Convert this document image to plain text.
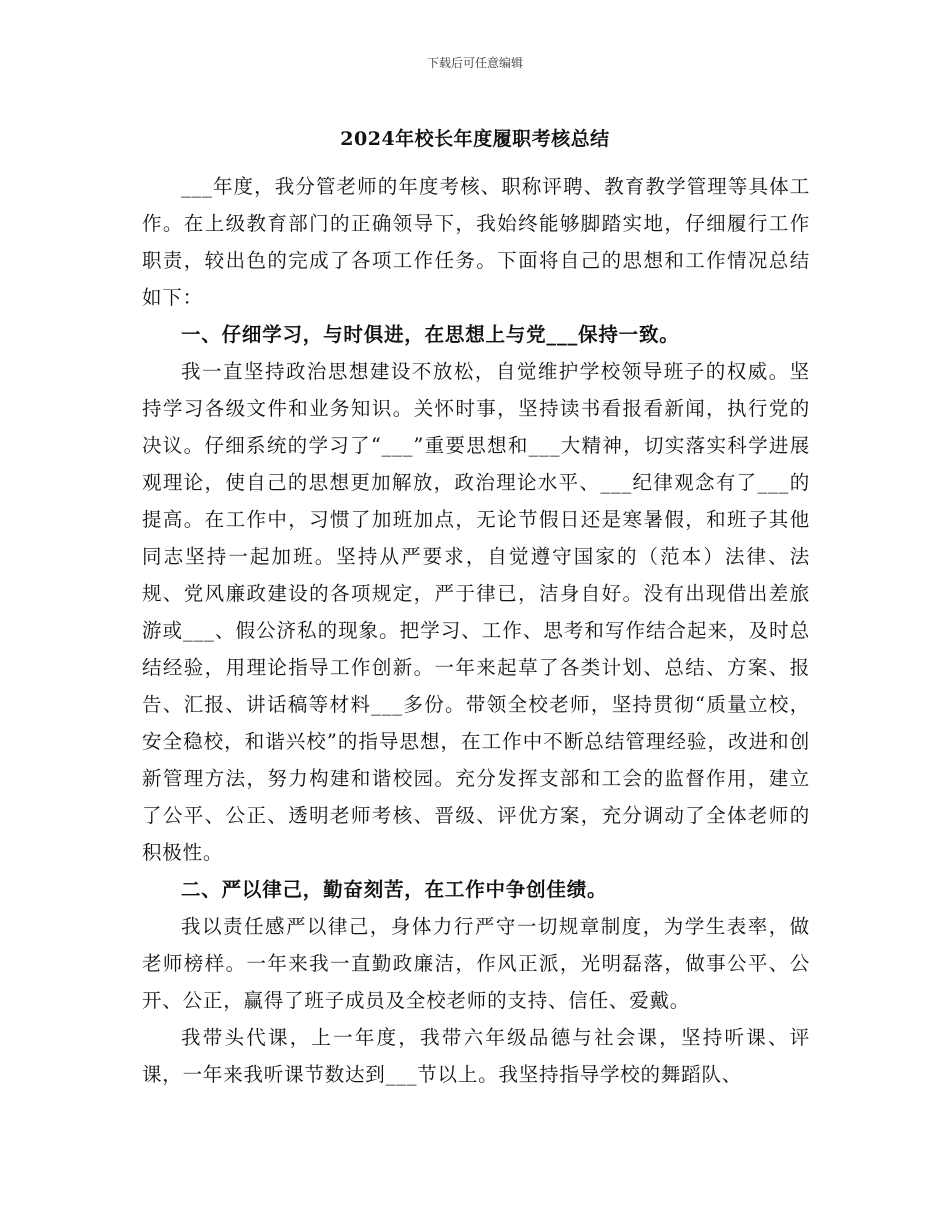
下载后可任意编辑
2024年校长年度履职考核总结

___年度，我分管老师的年度考核、职称评聘、教育教学管理等具体工作。在上级教育部门的正确领导下，我始终能够脚踏实地，仔细履行工作职责，较出色的完成了各项工作任务。下面将自己的思想和工作情况总结如下：

一、仔细学习，与时俱进，在思想上与党___保持一致。

我一直坚持政治思想建设不放松，自觉维护学校领导班子的权威。坚持学习各级文件和业务知识。关怀时事，坚持读书看报看新闻，执行党的决议。仔细系统的学习了“___”重要思想和___大精神，切实落实科学进展观理论，使自己的思想更加解放，政治理论水平、___纪律观念有了___的提高。在工作中，习惯了加班加点，无论节假日还是寒暑假，和班子其他同志坚持一起加班。坚持从严要求，自觉遵守国家的（范本）法律、法规、党风廉政建设的各项规定，严于律已，洁身自好。没有出现借出差旅游或___、假公济私的现象。把学习、工作、思考和写作结合起来，及时总结经验，用理论指导工作创新。一年来起草了各类计划、总结、方案、报告、汇报、讲话稿等材料___多份。带领全校老师，坚持贯彻“质量立校，安全稳校，和谐兴校”的指导思想，在工作中不断总结管理经验，改进和创新管理方法，努力构建和谐校园。充分发挥支部和工会的监督作用，建立了公平、公正、透明老师考核、晋级、评优方案，充分调动了全体老师的积极性。

二、严以律己，勤奋刻苦，在工作中争创佳绩。

我以责任感严以律己，身体力行严守一切规章制度，为学生表率，做老师榜样。一年来我一直勤政廉洁，作风正派，光明磊落，做事公平、公开、公正，赢得了班子成员及全校老师的支持、信任、爱戴。

我带头代课，上一年度，我带六年级品德与社会课，坚持听课、评课，一年来我听课节数达到___节以上。我坚持指导学校的舞蹈队、
